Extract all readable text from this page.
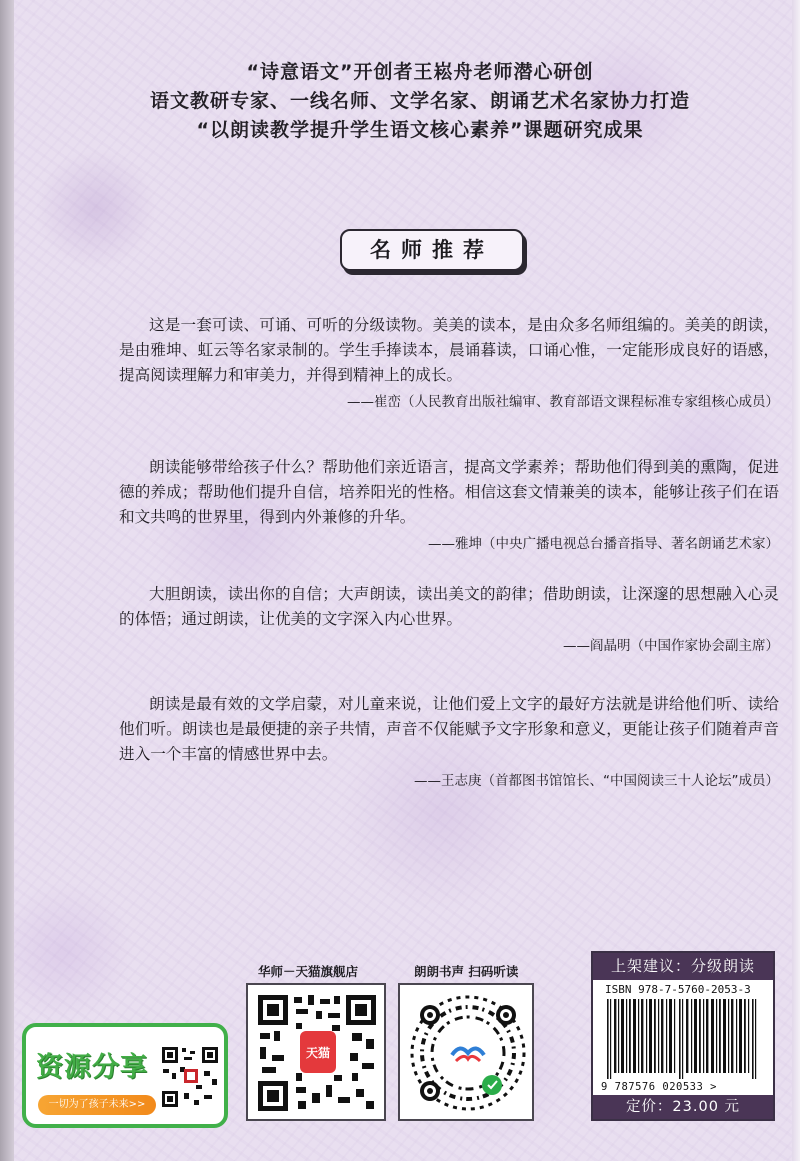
“诗意语文”开创者王崧舟老师潜心研创
语文教研专家、一线名师、文学名家、朗诵艺术名家协力打造
“以朗读教学提升学生语文核心素养”课题研究成果
名师推荐

这是一套可读、可诵、可听的分级读物。美美的读本，是由众多名师组编的。美美的朗读，是由雅坤、虹云等名家录制的。学生手捧读本，晨诵暮读，口诵心惟，一定能形成良好的语感，提高阅读理解力和审美力，并得到精神上的成长。

——崔峦（人民教育出版社编审、教育部语文课程标准专家组核心成员）

朗读能够带给孩子什么？帮助他们亲近语言，提高文学素养；帮助他们得到美的熏陶，促进德的养成；帮助他们提升自信，培养阳光的性格。相信这套文情兼美的读本，能够让孩子们在语和文共鸣的世界里，得到内外兼修的升华。

——雅坤（中央广播电视总台播音指导、著名朗诵艺术家）

大胆朗读，读出你的自信；大声朗读，读出美文的韵律；借助朗读，让深邃的思想融入心灵的体悟；通过朗读，让优美的文字深入内心世界。

——阎晶明（中国作家协会副主席）

朗读是最有效的文学启蒙，对儿童来说，让他们爱上文字的最好方法就是讲给他们听、读给他们听。朗读也是最便捷的亲子共情，声音不仅能赋予文字形象和意义，更能让孩子们随着声音进入一个丰富的情感世界中去。

——王志庚（首都图书馆馆长、“中国阅读三十人论坛”成员）
资源分享
一切为了孩子未来>>
华师－天猫旗舰店
天猫
朗朗书声 扫码听读	上架建议：分级朗读
ISBN 978-7-5760-2053-3
9 787576 020533 >
定价：23.00 元
